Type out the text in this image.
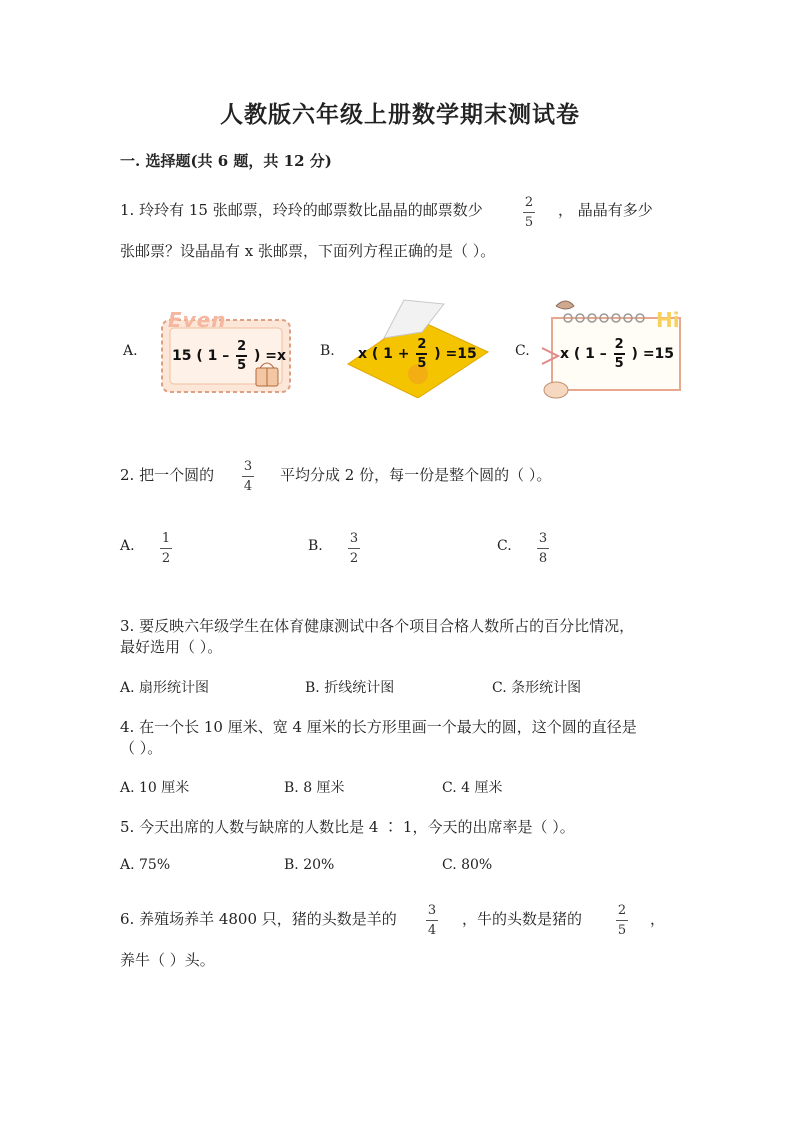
人教版六年级上册数学期末测试卷
一. 选择题(共 6 题，共 12 分)
1. 玲玲有 15 张邮票，玲玲的邮票数比晶晶的邮票数少	2
5
， 晶晶有多少
张邮票？设晶晶有 x 张邮票，下面列方程正确的是（ ）。
A.
Even
15 ( $1 - \frac{2}{5}$ ) =x B. x ( $1 + \frac{2}{5}$ ) =15	C.
Hi
x ( $1 - \frac{2}{5}$ ) =15
2. 把一个圆的 3
4
平均分成 2 份，每一份是整个圆的（ ）。
A. 1
2
B. 3
2
C. 3
8
3. 要反映六年级学生在体育健康测试中各个项目合格人数所占的百分比情况，
最好选用（ ）。
A. 扇形统计图	B. 折线统计图	C. 条形统计图
4. 在一个长 10 厘米、宽 4 厘米的长方形里画一个最大的圆，这个圆的直径是
（ ）。
A. 10 厘米	B. 8 厘米	C. 4 厘米
5. 今天出席的人数与缺席的人数比是 4 ∶ 1，今天的出席率是（ ）。
A. 75%	B. 20%	C. 80%
6. 养殖场养羊 4800 只，猪的头数是羊的 3
4
，牛的头数是猪的	2
5
，
养牛（ ）头。
